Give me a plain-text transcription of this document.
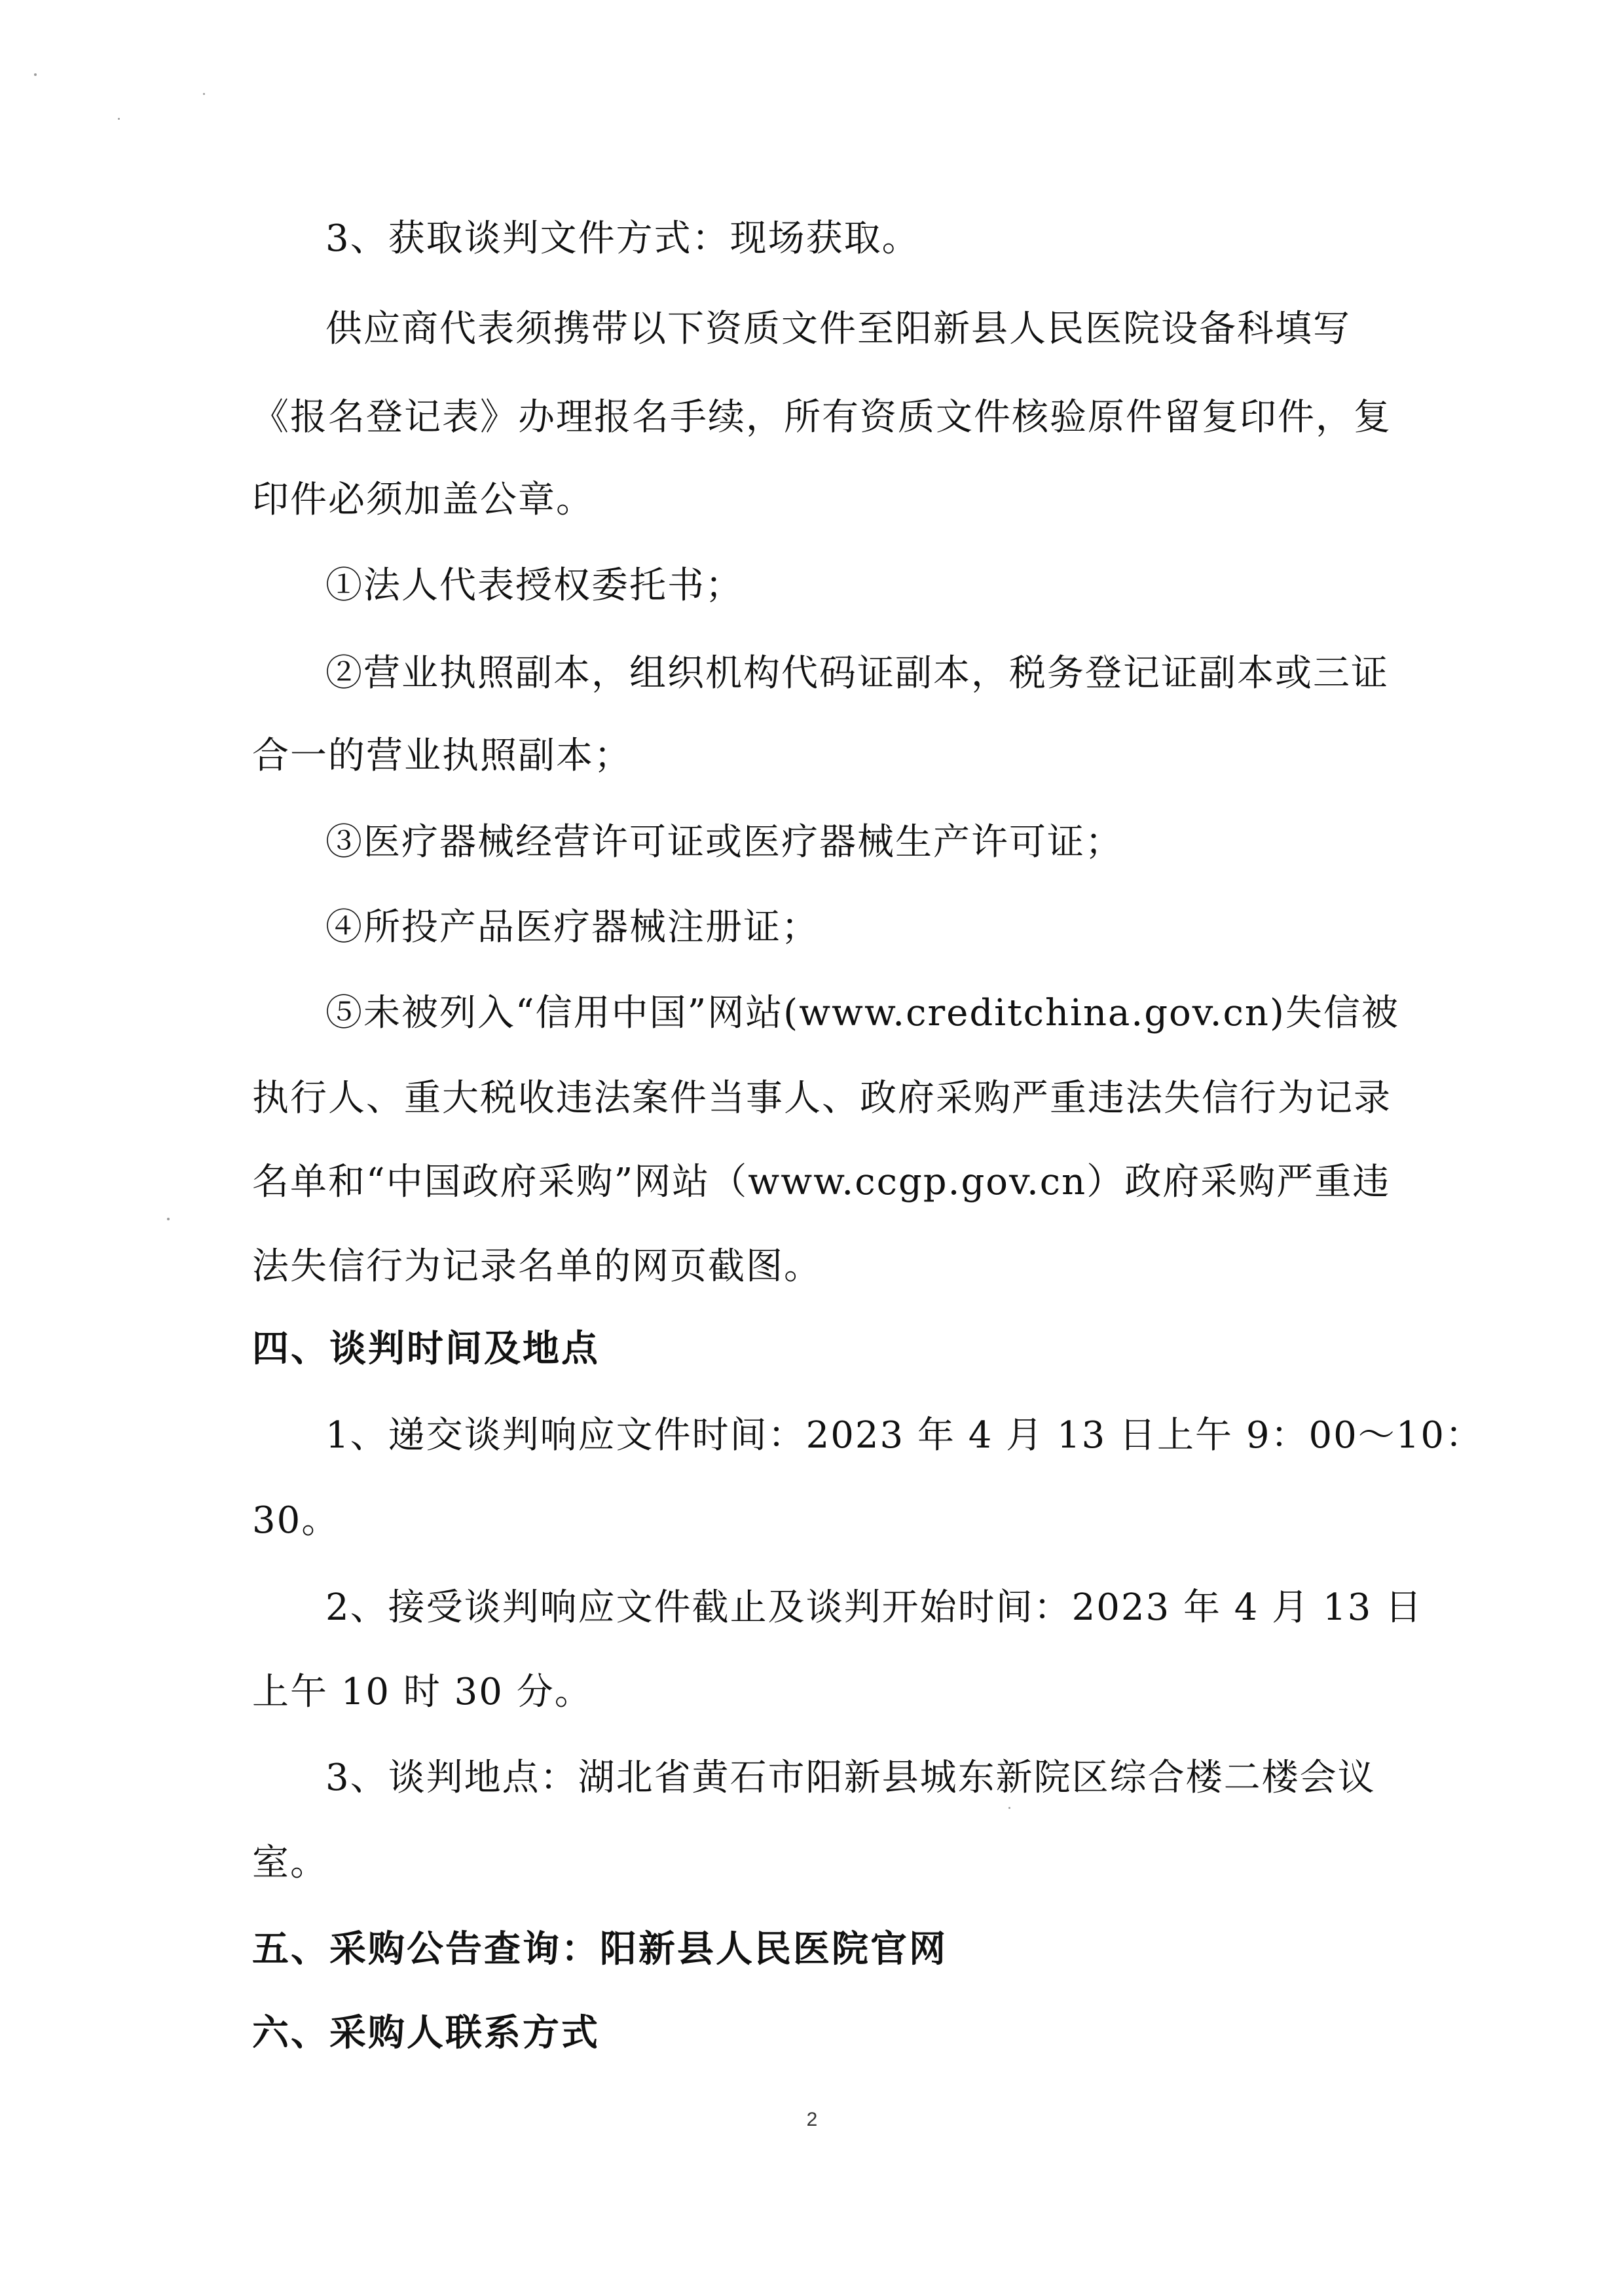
3、获取谈判文件方式：现场获取。
供应商代表须携带以下资质文件至阳新县人民医院设备科填写
《报名登记表》办理报名手续，所有资质文件核验原件留复印件，复
印件必须加盖公章。
①法人代表授权委托书；
②营业执照副本，组织机构代码证副本，税务登记证副本或三证
合一的营业执照副本；
③医疗器械经营许可证或医疗器械生产许可证；
④所投产品医疗器械注册证；
⑤未被列入“信用中国”网站(www.creditchina.gov.cn)失信被
执行人、重大税收违法案件当事人、政府采购严重违法失信行为记录
名单和“中国政府采购”网站（www.ccgp.gov.cn）政府采购严重违
法失信行为记录名单的网页截图。
四、谈判时间及地点
1、递交谈判响应文件时间：2023 年 4 月 13 日上午 9：00～10：
30。
2、接受谈判响应文件截止及谈判开始时间：2023 年 4 月 13 日
上午 10 时 30 分。
3、谈判地点：湖北省黄石市阳新县城东新院区综合楼二楼会议
室。
五、采购公告查询：阳新县人民医院官网
六、采购人联系方式
2
